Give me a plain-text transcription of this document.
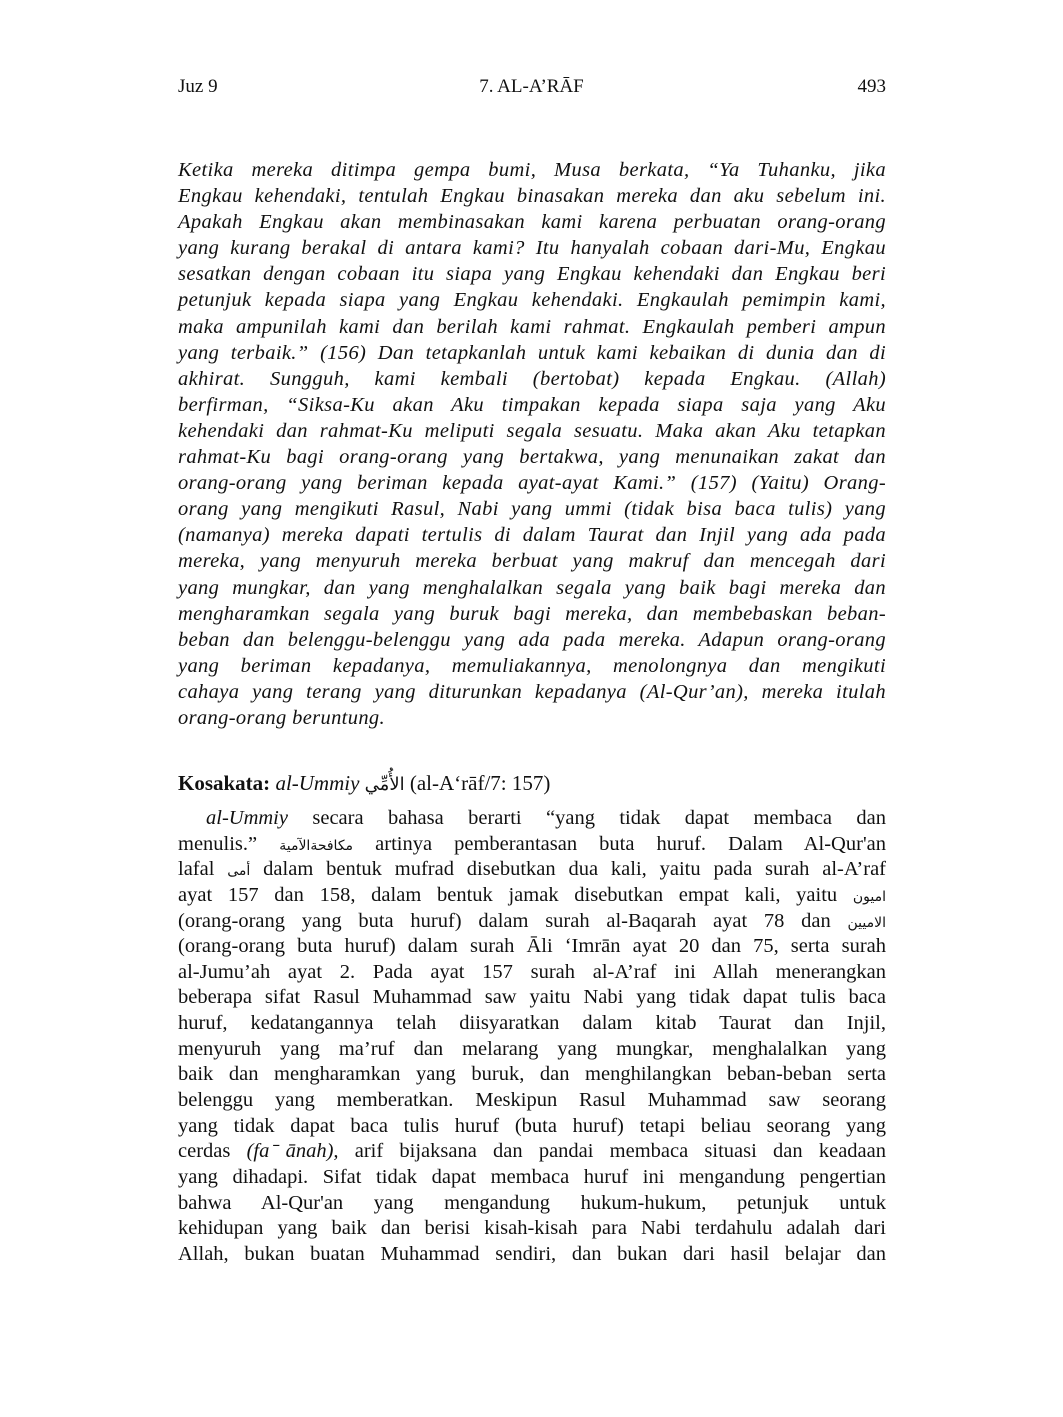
Juz 9	7. AL-A’RĀF	493
Ketika mereka ditimpa gempa bumi, Musa berkata, “Ya Tuhanku, jika
Engkau kehendaki, tentulah Engkau binasakan mereka dan aku sebelum ini.
Apakah Engkau akan membinasakan kami karena perbuatan orang-orang
yang kurang berakal di antara kami? Itu hanyalah cobaan dari-Mu, Engkau
sesatkan dengan cobaan itu siapa yang Engkau kehendaki dan Engkau beri
petunjuk kepada siapa yang Engkau kehendaki. Engkaulah pemimpin kami,
maka ampunilah kami dan berilah kami rahmat. Engkaulah pemberi ampun
yang terbaik.” (156) Dan tetapkanlah untuk kami kebaikan di dunia dan di
akhirat. Sungguh, kami kembali (bertobat) kepada Engkau. (Allah)
berfirman, “Siksa-Ku akan Aku timpakan kepada siapa saja yang Aku
kehendaki dan rahmat-Ku meliputi segala sesuatu. Maka akan Aku tetapkan
rahmat-Ku bagi orang-orang yang bertakwa, yang menunaikan zakat dan
orang-orang yang beriman kepada ayat-ayat Kami.” (157) (Yaitu) Orang-
orang yang mengikuti Rasul, Nabi yang ummi (tidak bisa baca tulis) yang
(namanya) mereka dapati tertulis di dalam Taurat dan Injil yang ada pada
mereka, yang menyuruh mereka berbuat yang makruf dan mencegah dari
yang mungkar, dan yang menghalalkan segala yang baik bagi mereka dan
mengharamkan segala yang buruk bagi mereka, dan membebaskan beban-
beban dan belenggu-belenggu yang ada pada mereka. Adapun orang-orang
yang beriman kepadanya, memuliakannya, menolongnya dan mengikuti
cahaya yang terang yang diturunkan kepadanya (Al-Qur’an), mereka itulah
orang-orang beruntung.
Kosakata: al-Ummiy الأُمِّي (al-A‘rāf/7: 157)
al-Ummiy secara bahasa berarti “yang tidak dapat membaca dan
menulis.” مكافحةالآمية artinya pemberantasan buta huruf. Dalam Al-Qur'an
lafal أمى dalam bentuk mufrad disebutkan dua kali, yaitu pada surah al-A’raf
ayat 157 dan 158, dalam bentuk jamak disebutkan empat kali, yaitu اميون
(orang-orang yang buta huruf) dalam surah al-Baqarah ayat 78 dan الاميين
(orang-orang buta huruf) dalam surah Āli ‘Imrān ayat 20 dan 75, serta surah
al-Jumu’ah ayat 2. Pada ayat 157 surah al-A’raf ini Allah menerangkan
beberapa sifat Rasul Muhammad saw yaitu Nabi yang tidak dapat tulis baca
huruf, kedatangannya telah diisyaratkan dalam kitab Taurat dan Injil,
menyuruh yang ma’ruf dan melarang yang mungkar, menghalalkan yang
baik dan mengharamkan yang buruk, dan menghilangkan beban-beban serta
belenggu yang memberatkan. Meskipun Rasul Muhammad saw seorang
yang tidak dapat baca tulis huruf (buta huruf) tetapi beliau seorang yang
cerdas (fa ̄ānah), arif bijaksana dan pandai membaca situasi dan keadaan
yang dihadapi. Sifat tidak dapat membaca huruf ini mengandung pengertian
bahwa Al-Qur'an yang mengandung hukum-hukum, petunjuk untuk
kehidupan yang baik dan berisi kisah-kisah para Nabi terdahulu adalah dari
Allah, bukan buatan Muhammad sendiri, dan bukan dari hasil belajar dan
